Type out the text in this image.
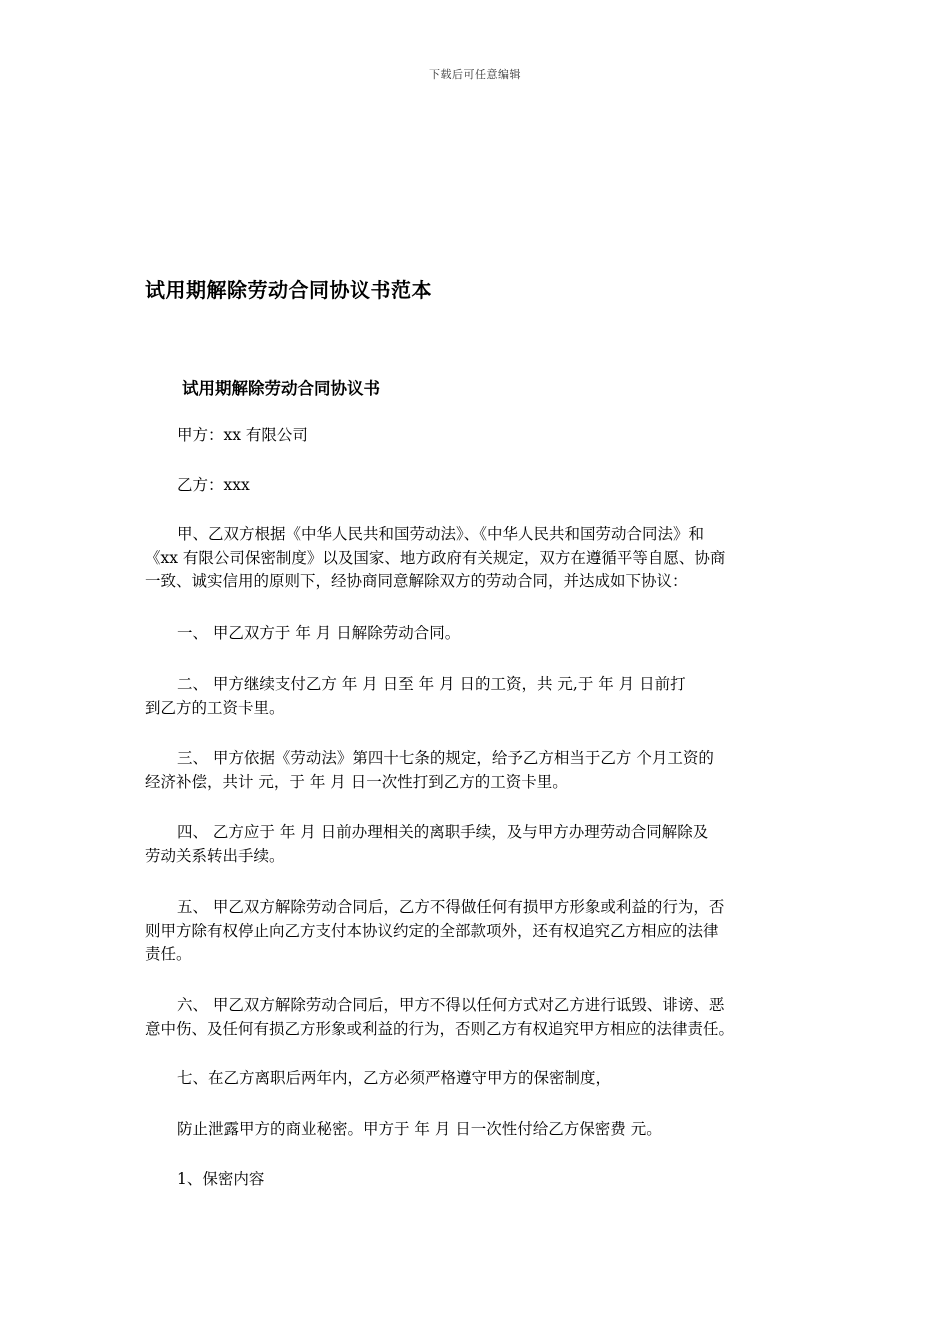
下载后可任意编辑
试用期解除劳动合同协议书范本
试用期解除劳动合同协议书
甲方：xx 有限公司
乙方：xxx
甲、乙双方根据《中华人民共和国劳动法》、《中华人民共和国劳动合同法》和
《xx 有限公司保密制度》以及国家、地方政府有关规定，双方在遵循平等自愿、协商
一致、诚实信用的原则下，经协商同意解除双方的劳动合同，并达成如下协议：
一、 甲乙双方于 年 月 日解除劳动合同。
二、 甲方继续支付乙方 年 月 日至 年 月 日的工资，共 元,于 年 月 日前打
到乙方的工资卡里。
三、 甲方依据《劳动法》第四十七条的规定，给予乙方相当于乙方 个月工资的
经济补偿，共计 元，于 年 月 日一次性打到乙方的工资卡里。
四、 乙方应于 年 月 日前办理相关的离职手续，及与甲方办理劳动合同解除及
劳动关系转出手续。
五、 甲乙双方解除劳动合同后，乙方不得做任何有损甲方形象或利益的行为，否
则甲方除有权停止向乙方支付本协议约定的全部款项外，还有权追究乙方相应的法律
责任。
六、 甲乙双方解除劳动合同后，甲方不得以任何方式对乙方进行诋毁、诽谤、恶
意中伤、及任何有损乙方形象或利益的行为，否则乙方有权追究甲方相应的法律责任。
七、在乙方离职后两年内，乙方必须严格遵守甲方的保密制度，
防止泄露甲方的商业秘密。甲方于 年 月 日一次性付给乙方保密费 元。
1、保密内容
